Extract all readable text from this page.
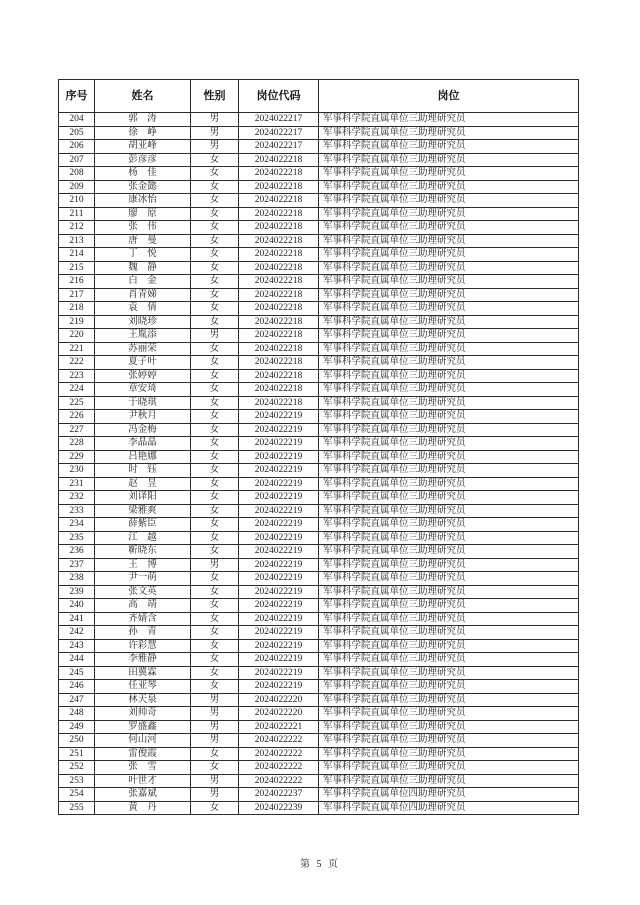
序号	姓名	性别	岗位代码	岗位
204	郭　涛	男	2024022217	军事科学院直属单位三助理研究员
205	徐　峥	男	2024022217	军事科学院直属单位三助理研究员
206	胡亚峰	男	2024022217	军事科学院直属单位三助理研究员
207	彭彦彦	女	2024022218	军事科学院直属单位三助理研究员
208	杨　佳	女	2024022218	军事科学院直属单位三助理研究员
209	张金懿	女	2024022218	军事科学院直属单位三助理研究员
210	康冰怡	女	2024022218	军事科学院直属单位三助理研究员
211	廖　原	女	2024022218	军事科学院直属单位三助理研究员
212	张　伟	女	2024022218	军事科学院直属单位三助理研究员
213	唐　曼	女	2024022218	军事科学院直属单位三助理研究员
214	丁　悦	女	2024022218	军事科学院直属单位三助理研究员
215	魏　静	女	2024022218	军事科学院直属单位三助理研究员
216	白　金	女	2024022218	军事科学院直属单位三助理研究员
217	肖青娣	女	2024022218	军事科学院直属单位三助理研究员
218	袁　倩	女	2024022218	军事科学院直属单位三助理研究员
219	刘晓珍	女	2024022218	军事科学院直属单位三助理研究员
220	王胤添	男	2024022218	军事科学院直属单位三助理研究员
221	苏丽荣	女	2024022218	军事科学院直属单位三助理研究员
222	夏子叶	女	2024022218	军事科学院直属单位三助理研究员
223	张婷婷	女	2024022218	军事科学院直属单位三助理研究员
224	章安琦	女	2024022218	军事科学院直属单位三助理研究员
225	于晓琪	女	2024022218	军事科学院直属单位三助理研究员
226	尹秋月	女	2024022219	军事科学院直属单位三助理研究员
227	冯金梅	女	2024022219	军事科学院直属单位三助理研究员
228	李晶晶	女	2024022219	军事科学院直属单位三助理研究员
229	吕艳娜	女	2024022219	军事科学院直属单位三助理研究员
230	时　钰	女	2024022219	军事科学院直属单位三助理研究员
231	赵　昱	女	2024022219	军事科学院直属单位三助理研究员
232	刘译阳	女	2024022219	军事科学院直属单位三助理研究员
233	梁雅爽	女	2024022219	军事科学院直属单位三助理研究员
234	薛紫臣	女	2024022219	军事科学院直属单位三助理研究员
235	江　越	女	2024022219	军事科学院直属单位三助理研究员
236	靳晓东	女	2024022219	军事科学院直属单位三助理研究员
237	王　博	男	2024022219	军事科学院直属单位三助理研究员
238	尹一萌	女	2024022219	军事科学院直属单位三助理研究员
239	张文英	女	2024022219	军事科学院直属单位三助理研究员
240	高　靖	女	2024022219	军事科学院直属单位三助理研究员
241	齐婧含	女	2024022219	军事科学院直属单位三助理研究员
242	孙　青	女	2024022219	军事科学院直属单位三助理研究员
243	许彩慧	女	2024022219	军事科学院直属单位三助理研究员
244	李雅静	女	2024022219	军事科学院直属单位三助理研究员
245	田冀霖	女	2024022219	军事科学院直属单位三助理研究员
246	任亚琴	女	2024022219	军事科学院直属单位三助理研究员
247	林天泉	男	2024022220	军事科学院直属单位三助理研究员
248	刘帅奇	男	2024022220	军事科学院直属单位三助理研究员
249	罗盛鑫	男	2024022221	军事科学院直属单位三助理研究员
250	何山河	男	2024022222	军事科学院直属单位三助理研究员
251	雷俊霞	女	2024022222	军事科学院直属单位三助理研究员
252	张　雪	女	2024022222	军事科学院直属单位三助理研究员
253	叶世才	男	2024022222	军事科学院直属单位三助理研究员
254	张嘉斌	男	2024022237	军事科学院直属单位四助理研究员
255	黄　丹	女	2024022239	军事科学院直属单位四助理研究员
第 5 页
